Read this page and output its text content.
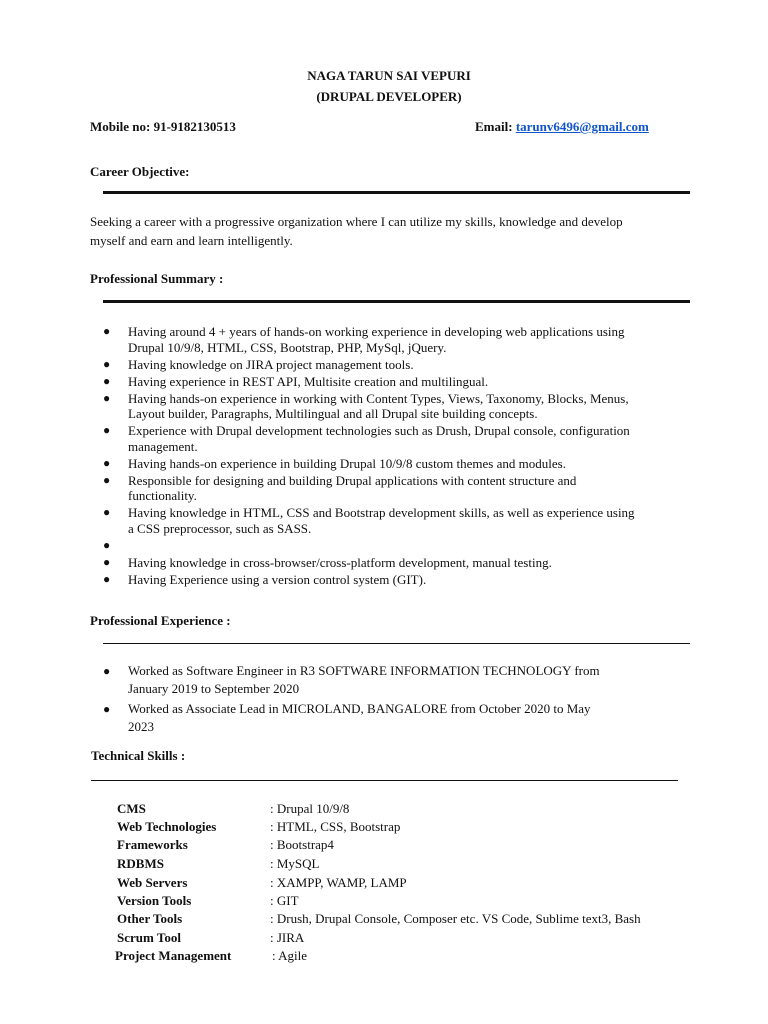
NAGA TARUN SAI VEPURI
(DRUPAL DEVELOPER)
Mobile no: 91-9182130513	Email: tarunv6496@gmail.com
Career Objective:
Seeking a career with a progressive organization where I can utilize my skills, knowledge and develop
myself and earn and learn intelligently.
Professional Summary :
● Having around 4 + years of hands-on working experience in developing web applications using
Drupal 10/9/8, HTML, CSS, Bootstrap, PHP, MySql, jQuery.
● Having knowledge on JIRA project management tools.
● Having experience in REST API, Multisite creation and multilingual.
● Having hands-on experience in working with Content Types, Views, Taxonomy, Blocks, Menus,
Layout builder, Paragraphs, Multilingual and all Drupal site building concepts.
● Experience with Drupal development technologies such as Drush, Drupal console, configuration
management.
● Having hands-on experience in building Drupal 10/9/8 custom themes and modules.
● Responsible for designing and building Drupal applications with content structure and
functionality.
● Having knowledge in HTML, CSS and Bootstrap development skills, as well as experience using
a CSS preprocessor, such as SASS.
●
● Having knowledge in cross-browser/cross-platform development, manual testing.
● Having Experience using a version control system (GIT).
Professional Experience :
● Worked as Software Engineer in R3 SOFTWARE INFORMATION TECHNOLOGY from
January 2019 to September 2020
● Worked as Associate Lead in MICROLAND, BANGALORE from October 2020 to May
2023
Technical Skills :
CMS	: Drupal 10/9/8
Web Technologies	: HTML, CSS, Bootstrap
Frameworks	: Bootstrap4
RDBMS	: MySQL
Web Servers	: XAMPP, WAMP, LAMP
Version Tools	: GIT
Other Tools	: Drush, Drupal Console, Composer etc. VS Code, Sublime text3, Bash
Scrum Tool	: JIRA
Project Management	: Agile
